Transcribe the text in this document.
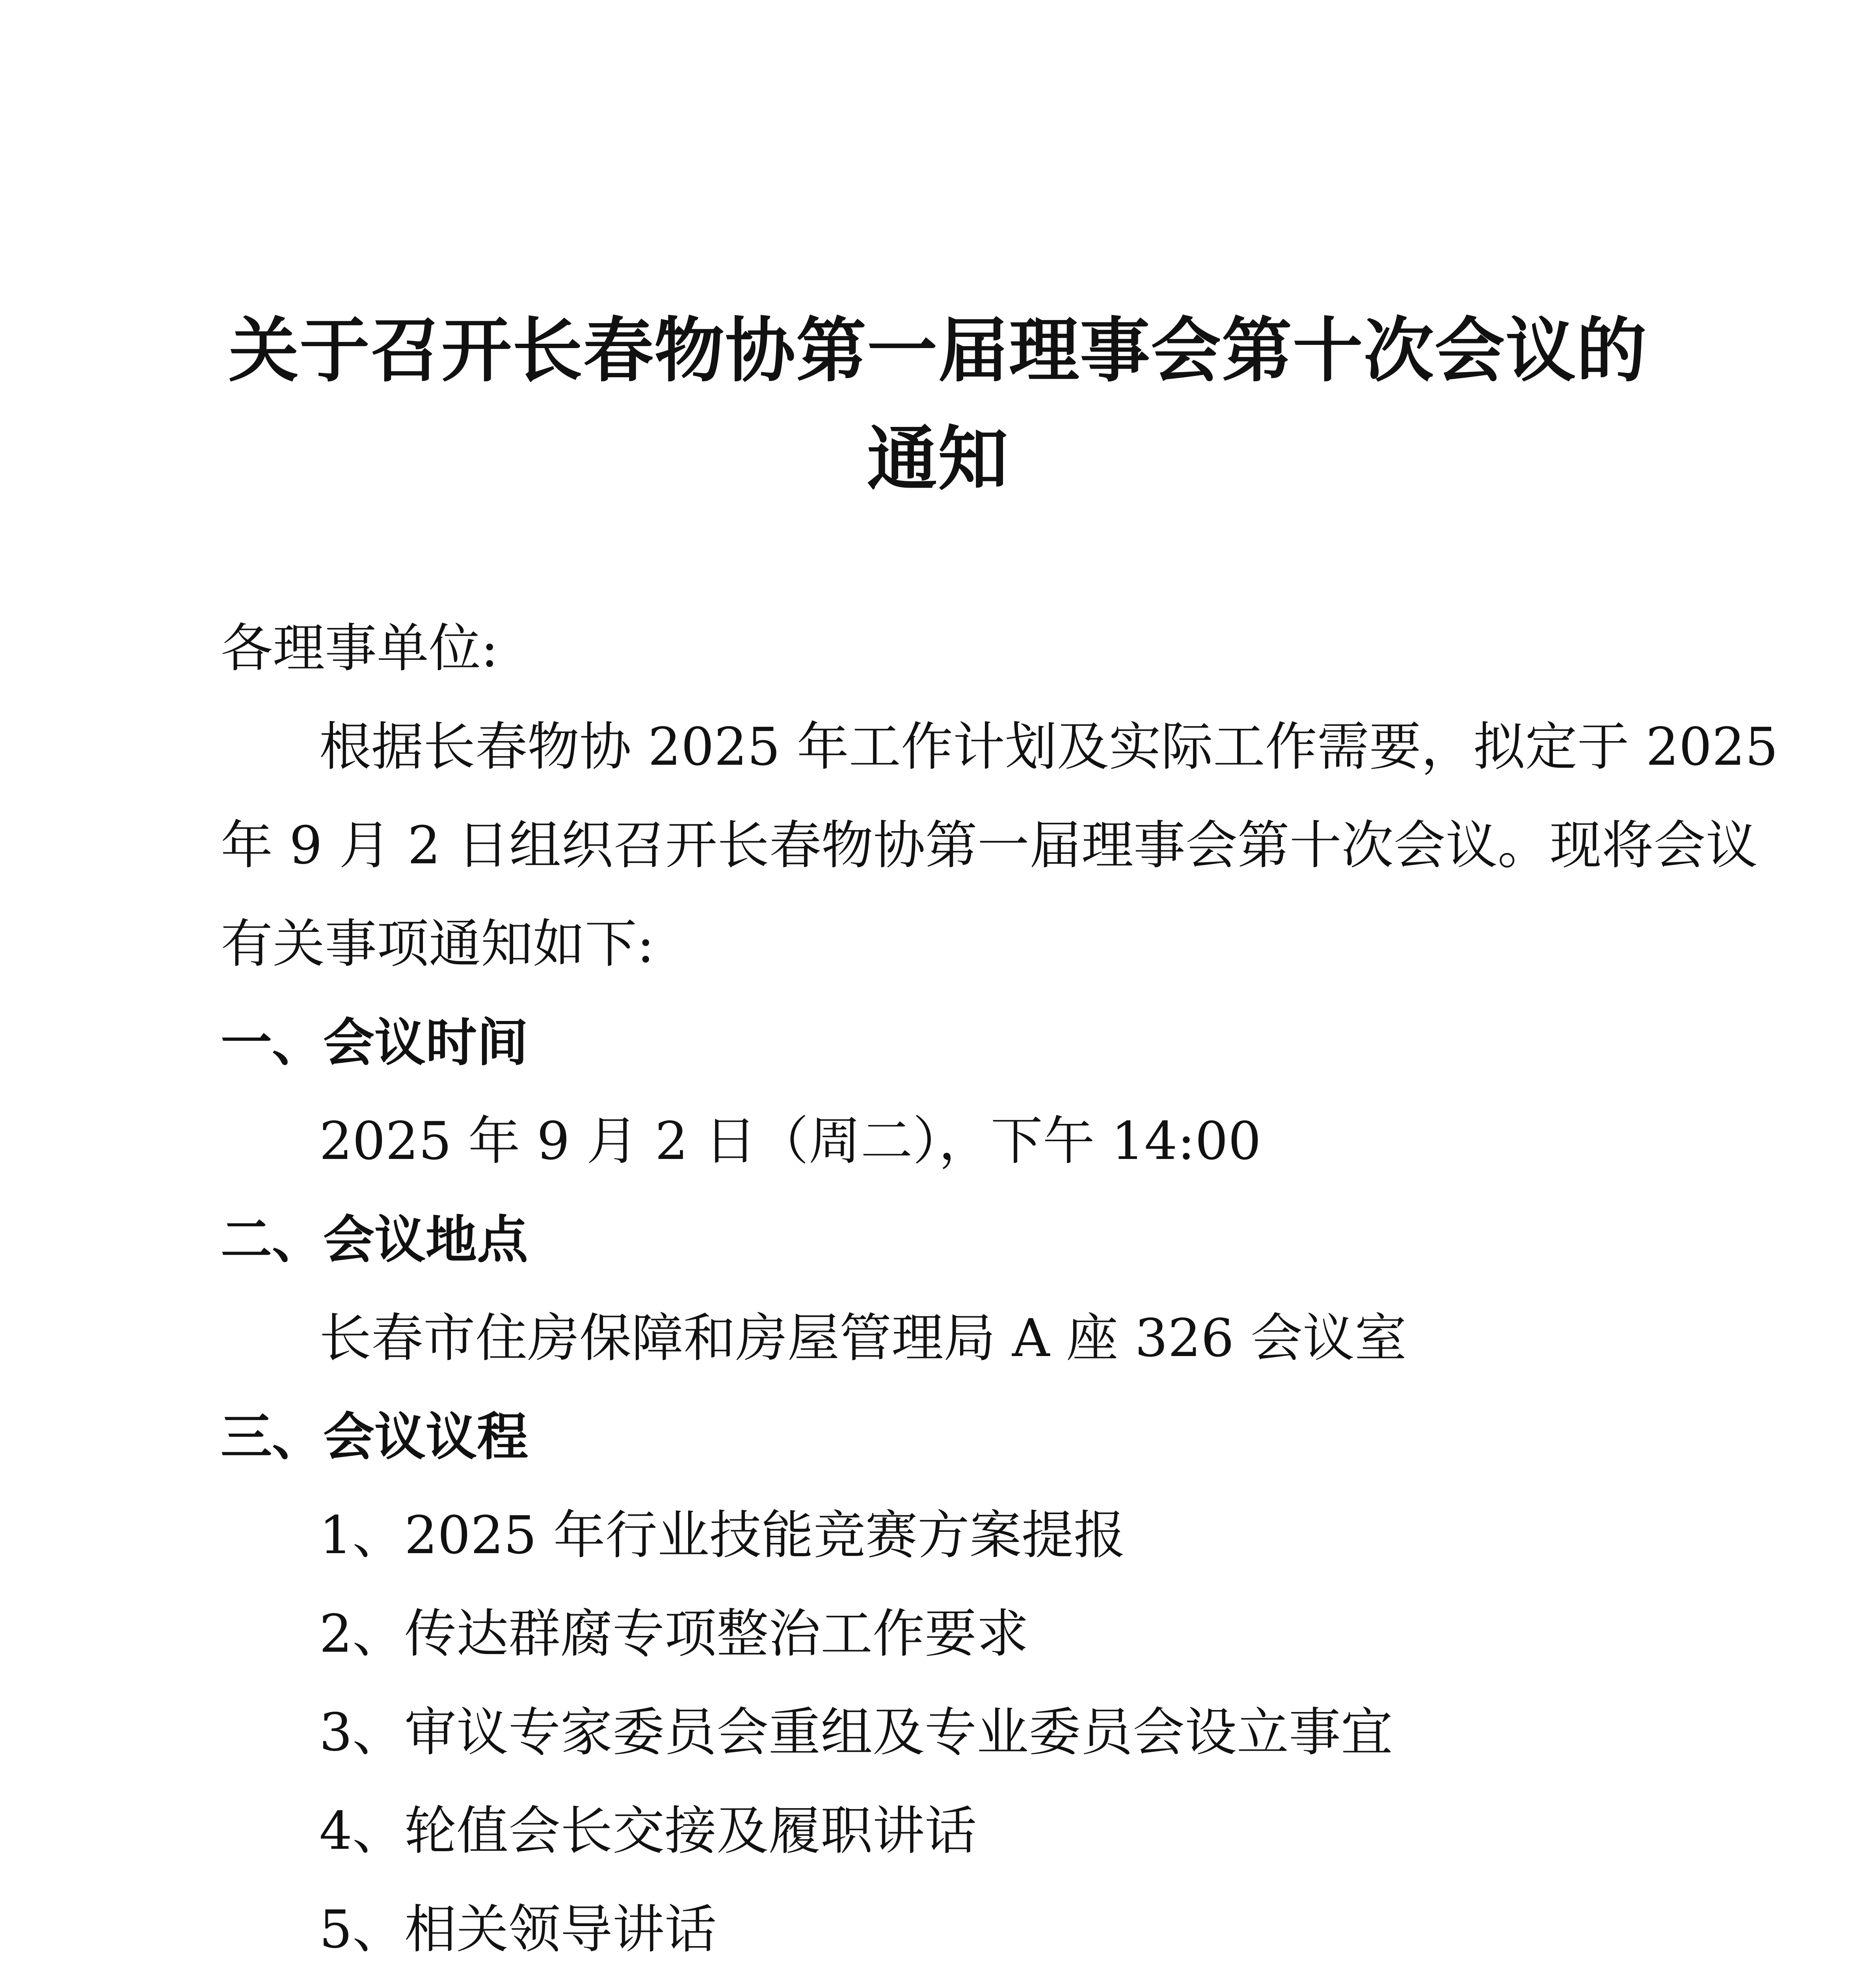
关于召开长春物协第一届理事会第十次会议的
通知

各理事单位:

根据长春物协 2025 年工作计划及实际工作需要，拟定于 2025

年 9 月 2 日组织召开长春物协第一届理事会第十次会议。现将会议

有关事项通知如下:

一、会议时间

2025 年 9 月 2 日（周二），下午 14:00

二、会议地点

长春市住房保障和房屋管理局 A 座 326 会议室

三、会议议程

1、2025 年行业技能竞赛方案提报

2、传达群腐专项整治工作要求

3、审议专家委员会重组及专业委员会设立事宜

4、轮值会长交接及履职讲话

5、相关领导讲话
